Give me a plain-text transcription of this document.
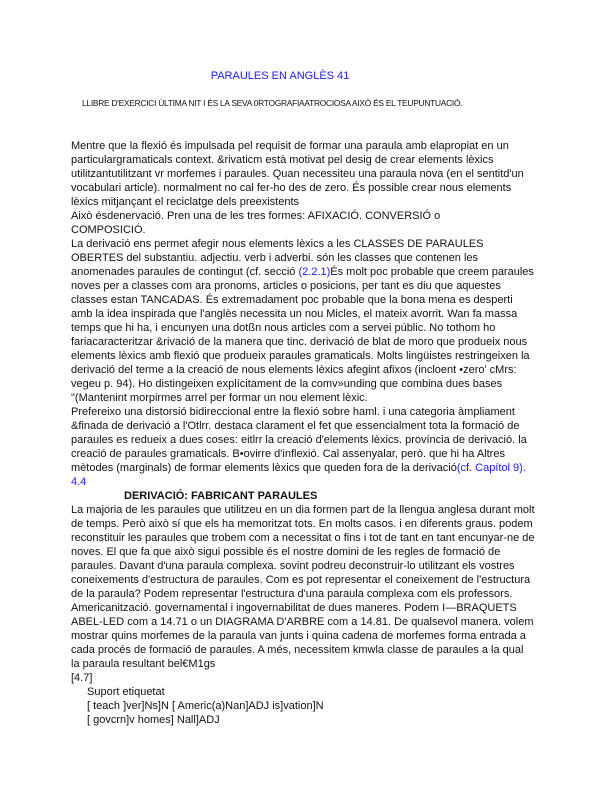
PARAULES EN ANGLÈS 41
LLIBRE D'EXERCICI ÚLTIMA NIT I ÉS LA SEVA 0RTOGRAFIAATROCIOSA AIXÒ ÉS EL TEUPUNTUACIÓ.
Mentre que la flexió és impulsada pel requisit de formar una paraula amb elapropiat en un
particulargramaticals context. &rivaticm està motivat pel desig de crear elements lèxics
utilitzantutilitzant vr morfemes i paraules. Quan necessiteu una paraula nova (en el sentitd'un
vocabulari article). normalment no cal fer-ho des de zero. És possible crear nous elements
lèxics mitjançant el reciclatge dels preexistents
Això ésdenervació. Pren una de les tres formes: AFIXACIÓ. CONVERSIÓ o
COMPOSICIÓ.
La derivació ens permet afegir nous elements lèxics a les CLASSES DE PARAULES
OBERTES del substantiu. adjectiu. verb i adverbi. són les classes que contenen les
anomenades paraules de contingut (cf. secció (2.2.1)És molt poc probable que creem paraules
noves per a classes com ara pronoms, articles o posicions, per tant es diu que aquestes
classes estan TANCADAS. És extremadament poc probable que la bona mena es desperti
amb la idea inspirada que l'anglès necessita un nou Micles, el mateix avorrit. Wan fa massa
temps que hi ha, i encunyen una dotßn nous articles com a servei públic. No tothom ho
fariacaracteritzar &rivació de la manera que tinc. derivació de blat de moro que produeix nous
elements lèxics amb flexió que produeix paraules gramaticals. Molts lingüistes restringeixen la
derivació del terme a la creació de nous elements lèxics afegint afixos (incloent •zero' cMrs:
vegeu p. 94). Ho distingeixen explícitament de la comv»unding que combina dues bases
"(Mantenint morpirmes arrel per formar un nou element lèxic.
Prefereixo una distorsió bidireccional entre la flexió sobre haml. i una categoria àmpliament
&finada de derivació a l'Otlrr. destaca clarament el fet que essencialment tota la formació de
paraules es redueix a dues coses: eitlrr la creació d'elements lèxics. província de derivació. la
creació de paraules gramaticals. B•ovirre d'inflexió. Cal assenyalar, però. que hi ha Altres
mètodes (marginals) de formar elements lèxics que queden fora de la derivació(cf. Capítol 9).
4.4
DERIVACIÓ: FABRICANT PARAULES
La majoria de les paraules que utilitzeu en un dia formen part de la llengua anglesa durant molt
de temps. Però això sí que els ha memoritzat tots. En molts casos. i en diferents graus. podem
reconstituir les paraules que trobem com a necessitat o fins i tot de tant en tant encunyar-ne de
noves. El que fa que això sigui possible és el nostre domini de les regles de formació de
paraules. Davant d'una paraula complexa. sovint podreu deconstruir-lo utilitzant els vostres
coneixements d'estructura de paraules. Com es pot representar el coneixement de l'estructura
de la paraula? Podem representar l'estructura d'una paraula complexa com els professors.
Americanització. governamental i ingovernabilitat de dues maneres. Podem I—BRAQUETS
ABEL-LED com a 14.71 o un DIAGRAMA D'ARBRE com a 14.81. De qualsevol manera. volem
mostrar quins morfemes de la paraula van junts i quina cadena de morfemes forma entrada a
cada procés de formació de paraules. A més, necessitem kmwla classe de paraules a la qual
la paraula resultant bel€M1gs
[4.7]
Suport etiquetat
[ teach ]ver]Ns]N [ Americ(a)Nan]ADJ is]vation]N
[ govcrn]v homes] Nall]ADJ
